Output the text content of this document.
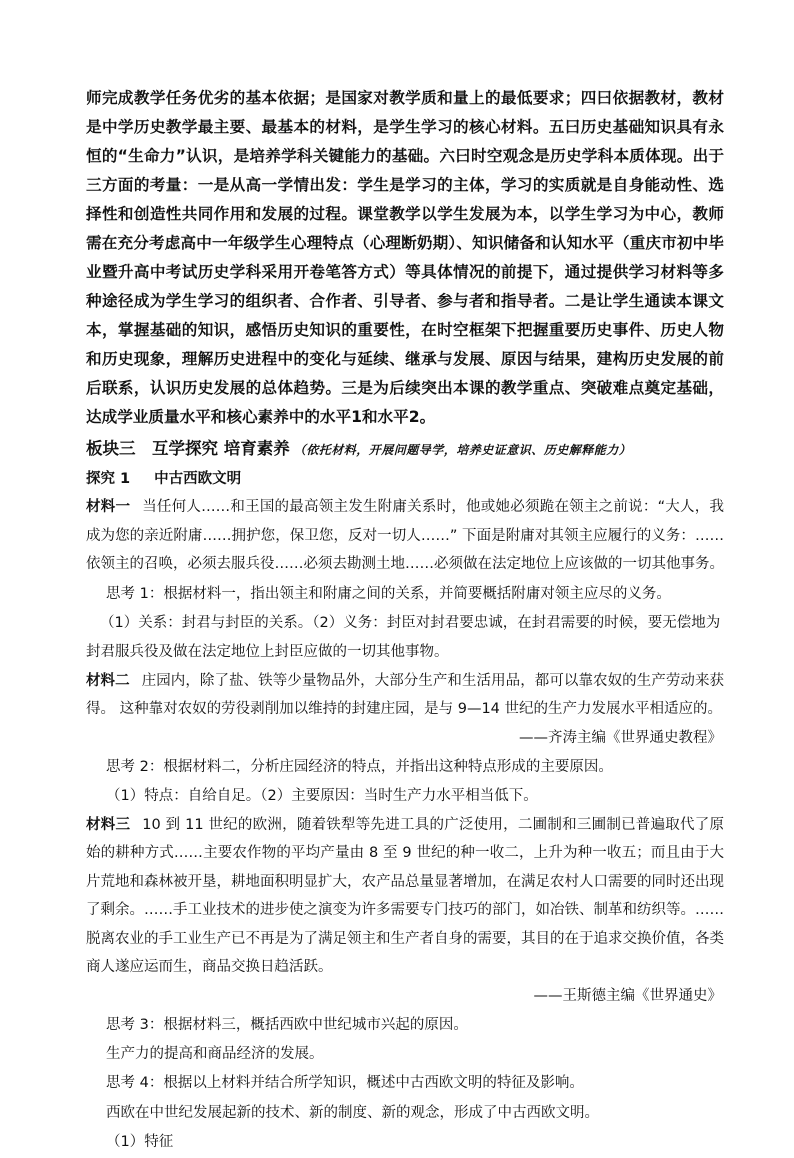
师完成教学任务优劣的基本依据；是国家对教学质和量上的最低要求；四曰依据教材，教材是中学历史教学最主要、最基本的材料，是学生学习的核心材料。五曰历史基础知识具有永恒的“生命力”认识，是培养学科关键能力的基础。六曰时空观念是历史学科本质体现。出于三方面的考量：一是从高一学情出发：学生是学习的主体，学习的实质就是自身能动性、选择性和创造性共同作用和发展的过程。课堂教学以学生发展为本，以学生学习为中心，教师需在充分考虑高中一年级学生心理特点（心理断奶期）、知识储备和认知水平（重庆市初中毕业暨升高中考试历史学科采用开卷笔答方式）等具体情况的前提下，通过提供学习材料等多种途径成为学生学习的组织者、合作者、引导者、参与者和指导者。二是让学生通读本课文本，掌握基础的知识，感悟历史知识的重要性，在时空框架下把握重要历史事件、历史人物和历史现象，理解历史进程中的变化与延续、继承与发展、原因与结果，建构历史发展的前后联系，认识历史发展的总体趋势。三是为后续突出本课的教学重点、突破难点奠定基础，达成学业质量水平和核心素养中的水平1和水平2。

板块三　互学探究 培育素养 （依托材料，开展问题导学，培养史证意识、历史解释能力）

探究 1 中古西欧文明

材料一 当任何人……和王国的最高领主发生附庸关系时，他或她必须跪在领主之前说：“大人，我成为您的亲近附庸……拥护您，保卫您，反对一切人……” 下面是附庸对其领主应履行的义务：……依领主的召唤，必须去服兵役……必须去勘测土地……必须做在法定地位上应该做的一切其他事务。

思考 1：根据材料一，指出领主和附庸之间的关系，并简要概括附庸对领主应尽的义务。

（1）关系：封君与封臣的关系。（2）义务：封臣对封君要忠诚，在封君需要的时候，要无偿地为封君服兵役及做在法定地位上封臣应做的一切其他事物。

材料二 庄园内，除了盐、铁等少量物品外，大部分生产和生活用品，都可以靠农奴的生产劳动来获得。 这种靠对农奴的劳役剥削加以维持的封建庄园，是与 9—14 世纪的生产力发展水平相适应的。

——齐涛主编《世界通史教程》

思考 2：根据材料二，分析庄园经济的特点，并指出这种特点形成的主要原因。

（1）特点：自给自足。（2）主要原因：当时生产力水平相当低下。

材料三 10 到 11 世纪的欧洲，随着铁犁等先进工具的广泛使用，二圃制和三圃制已普遍取代了原始的耕种方式……主要农作物的平均产量由 8 至 9 世纪的种一收二，上升为种一收五；而且由于大片荒地和森林被开垦，耕地面积明显扩大，农产品总量显著增加，在满足农村人口需要的同时还出现了剩余。……手工业技术的进步使之演变为许多需要专门技巧的部门，如冶铁、制革和纺织等。……脱离农业的手工业生产已不再是为了满足领主和生产者自身的需要，其目的在于追求交换价值，各类商人遂应运而生，商品交换日趋活跃。

——王斯德主编《世界通史》

思考 3：根据材料三，概括西欧中世纪城市兴起的原因。

生产力的提高和商品经济的发展。

思考 4：根据以上材料并结合所学知识，概述中古西欧文明的特征及影响。

西欧在中世纪发展起新的技术、新的制度、新的观念，形成了中古西欧文明。

（1）特征
